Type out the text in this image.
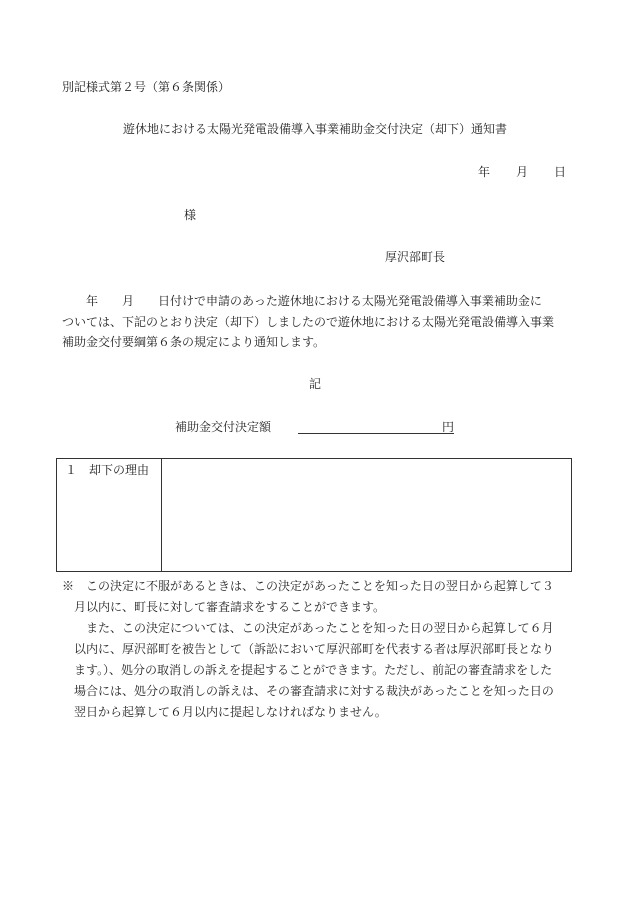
別記様式第２号（第６条関係）
遊休地における太陽光発電設備導入事業補助金交付決定（却下）通知書
年 月 日
様
厚沢部町長

　　年　　月　　日付けで申請のあった遊休地における太陽光発電設備導入事業補助金に

ついては、下記のとおり決定（却下）しましたので遊休地における太陽光発電設備導入事業

補助金交付要綱第６条の規定により通知します。

記
補助金交付決定額	円
１　却下の理由

※　この決定に不服があるときは、この決定があったことを知った日の翌日から起算して３

　月以内に、町長に対して審査請求をすることができます。

　　また、この決定については、この決定があったことを知った日の翌日から起算して６月

　以内に、厚沢部町を被告として（訴訟において厚沢部町を代表する者は厚沢部町長となり

　ます。）、処分の取消しの訴えを提起することができます。ただし、前記の審査請求をした

　場合には、処分の取消しの訴えは、その審査請求に対する裁決があったことを知った日の

　翌日から起算して６月以内に提起しなければなりません。
